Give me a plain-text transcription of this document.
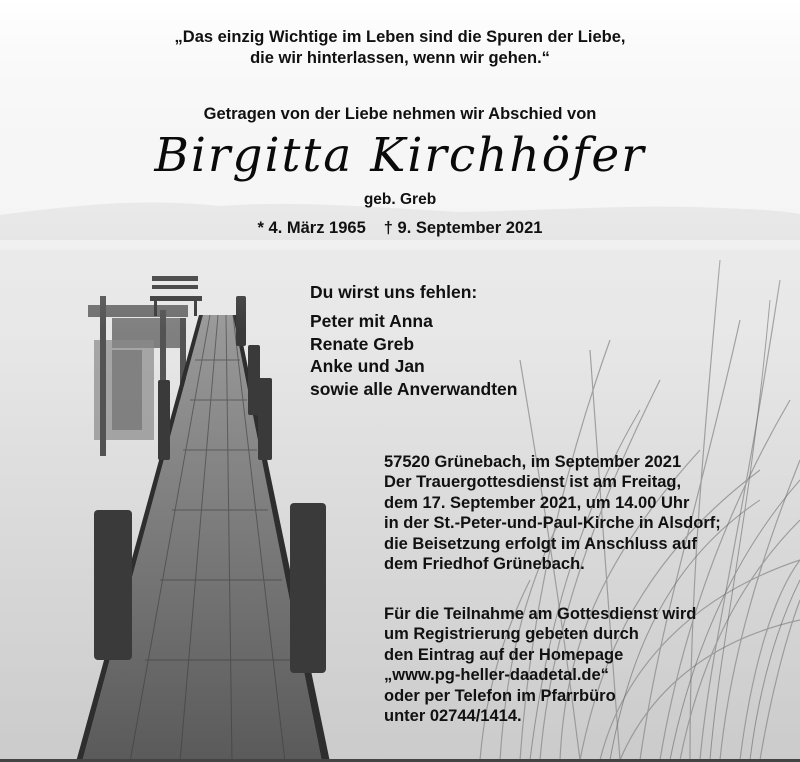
„Das einzig Wichtige im Leben sind die Spuren der Liebe,
die wir hinterlassen, wenn wir gehen.“
Getragen von der Liebe nehmen wir Abschied von
Birgitta Kirchhöfer
geb. Greb
* 4. März 1965 † 9. September 2021
Du wirst uns fehlen:
Peter mit Anna
Renate Greb
Anke und Jan
sowie alle Anverwandten
57520 Grünebach, im September 2021
Der Trauergottesdienst ist am Freitag,
dem 17. September 2021, um 14.00 Uhr
in der St.-Peter-und-Paul-Kirche in Alsdorf;
die Beisetzung erfolgt im Anschluss auf
dem Friedhof Grünebach.
Für die Teilnahme am Gottesdienst wird
um Registrierung gebeten durch
den Eintrag auf der Homepage
„www.pg-heller-daadetal.de“
oder per Telefon im Pfarrbüro
unter 02744/1414.
